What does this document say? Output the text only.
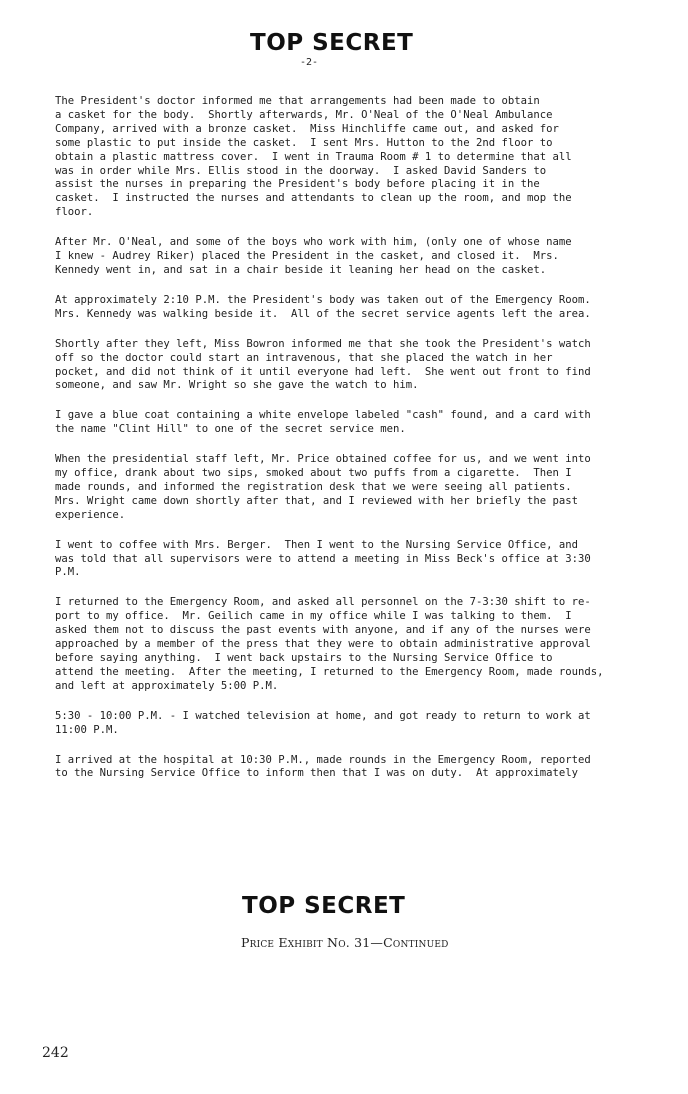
TOP SECRET
-2-
The President's doctor informed me that arrangements had been made to obtain
a casket for the body.  Shortly afterwards, Mr. O'Neal of the O'Neal Ambulance
Company, arrived with a bronze casket.  Miss Hinchliffe came out, and asked for
some plastic to put inside the casket.  I sent Mrs. Hutton to the 2nd floor to
obtain a plastic mattress cover.  I went in Trauma Room # 1 to determine that all
was in order while Mrs. Ellis stood in the doorway.  I asked David Sanders to
assist the nurses in preparing the President's body before placing it in the
casket.  I instructed the nurses and attendants to clean up the room, and mop the
floor.
After Mr. O'Neal, and some of the boys who work with him, (only one of whose name
I knew - Audrey Riker) placed the President in the casket, and closed it.  Mrs.
Kennedy went in, and sat in a chair beside it leaning her head on the casket.
At approximately 2:10 P.M. the President's body was taken out of the Emergency Room.
Mrs. Kennedy was walking beside it.  All of the secret service agents left the area.
Shortly after they left, Miss Bowron informed me that she took the President's watch
off so the doctor could start an intravenous, that she placed the watch in her
pocket, and did not think of it until everyone had left.  She went out front to find
someone, and saw Mr. Wright so she gave the watch to him.
I gave a blue coat containing a white envelope labeled "cash" found, and a card with
the name "Clint Hill" to one of the secret service men.
When the presidential staff left, Mr. Price obtained coffee for us, and we went into
my office, drank about two sips, smoked about two puffs from a cigarette.  Then I
made rounds, and informed the registration desk that we were seeing all patients.
Mrs. Wright came down shortly after that, and I reviewed with her briefly the past
experience.
I went to coffee with Mrs. Berger.  Then I went to the Nursing Service Office, and
was told that all supervisors were to attend a meeting in Miss Beck's office at 3:30
P.M.
I returned to the Emergency Room, and asked all personnel on the 7-3:30 shift to re-
port to my office.  Mr. Geilich came in my office while I was talking to them.  I
asked them not to discuss the past events with anyone, and if any of the nurses were
approached by a member of the press that they were to obtain administrative approval
before saying anything.  I went back upstairs to the Nursing Service Office to
attend the meeting.  After the meeting, I returned to the Emergency Room, made rounds,
and left at approximately 5:00 P.M.
5:30 - 10:00 P.M. - I watched television at home, and got ready to return to work at
11:00 P.M.
I arrived at the hospital at 10:30 P.M., made rounds in the Emergency Room, reported
to the Nursing Service Office to inform then that I was on duty.  At approximately
TOP SECRET
Price Exhibit No. 31—Continued
242
